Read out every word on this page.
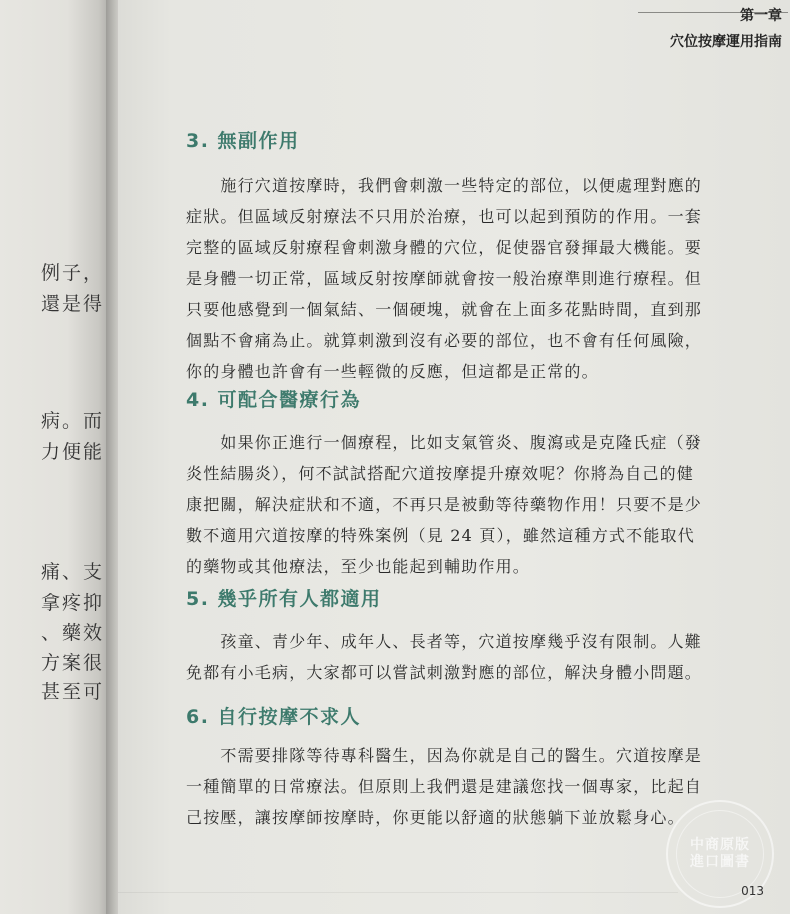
例子，
還是得
病。而
力便能
痛、支
拿疼抑
、藥效
方案很
甚至可
第一章
穴位按摩運用指南
3. 無副作用
　　施行穴道按摩時，我們會刺激一些特定的部位，以便處理對應的
症狀。但區域反射療法不只用於治療，也可以起到預防的作用。一套
完整的區域反射療程會刺激身體的穴位，促使器官發揮最大機能。要
是身體一切正常，區域反射按摩師就會按一般治療準則進行療程。但
只要他感覺到一個氣結、一個硬塊，就會在上面多花點時間，直到那
個點不會痛為止。就算刺激到沒有必要的部位，也不會有任何風險，
你的身體也許會有一些輕微的反應，但這都是正常的。
4. 可配合醫療行為
　　如果你正進行一個療程，比如支氣管炎、腹瀉或是克隆氏症（發
炎性結腸炎），何不試試搭配穴道按摩提升療效呢？你將為自己的健
康把關，解決症狀和不適，不再只是被動等待藥物作用！只要不是少
數不適用穴道按摩的特殊案例（見 24 頁），雖然這種方式不能取代
的藥物或其他療法，至少也能起到輔助作用。
5. 幾乎所有人都適用
　　孩童、青少年、成年人、長者等，穴道按摩幾乎沒有限制。人難
免都有小毛病，大家都可以嘗試刺激對應的部位，解決身體小問題。
6. 自行按摩不求人
　　不需要排隊等待專科醫生，因為你就是自己的醫生。穴道按摩是
一種簡單的日常療法。但原則上我們還是建議您找一個專家，比起自
己按壓，讓按摩師按摩時，你更能以舒適的狀態躺下並放鬆身心。
中商原版
進口圖書
013
